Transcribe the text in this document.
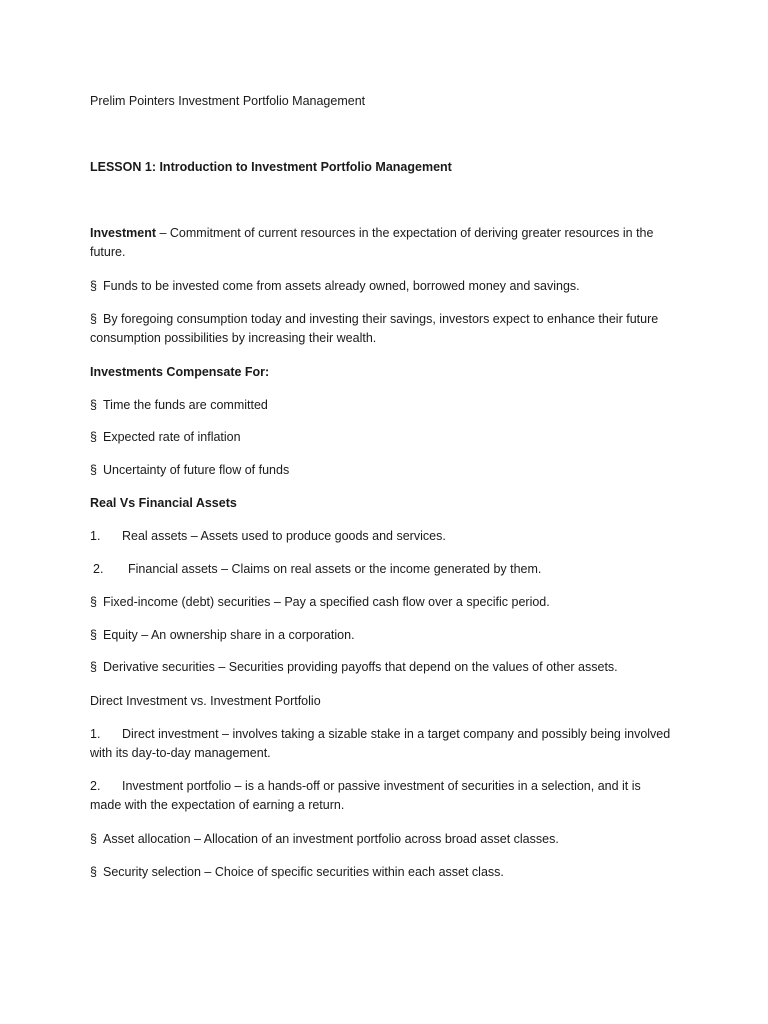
Prelim Pointers Investment Portfolio Management
LESSON 1: Introduction to Investment Portfolio Management
Investment – Commitment of current resources in the expectation of deriving greater resources in the future.
§ Funds to be invested come from assets already owned, borrowed money and savings.
§ By foregoing consumption today and investing their savings, investors expect to enhance their future consumption possibilities by increasing their wealth.
Investments Compensate For:
§ Time the funds are committed
§ Expected rate of inflation
§ Uncertainty of future flow of funds
Real Vs Financial Assets
1. Real assets – Assets used to produce goods and services.
2. Financial assets – Claims on real assets or the income generated by them.
§ Fixed-income (debt) securities – Pay a specified cash flow over a specific period.
§ Equity – An ownership share in a corporation.
§ Derivative securities – Securities providing payoffs that depend on the values of other assets.
Direct Investment vs. Investment Portfolio
1. Direct investment – involves taking a sizable stake in a target company and possibly being involved with its day-to-day management.
2. Investment portfolio – is a hands-off or passive investment of securities in a selection, and it is made with the expectation of earning a return.
§ Asset allocation – Allocation of an investment portfolio across broad asset classes.
§ Security selection – Choice of specific securities within each asset class.
